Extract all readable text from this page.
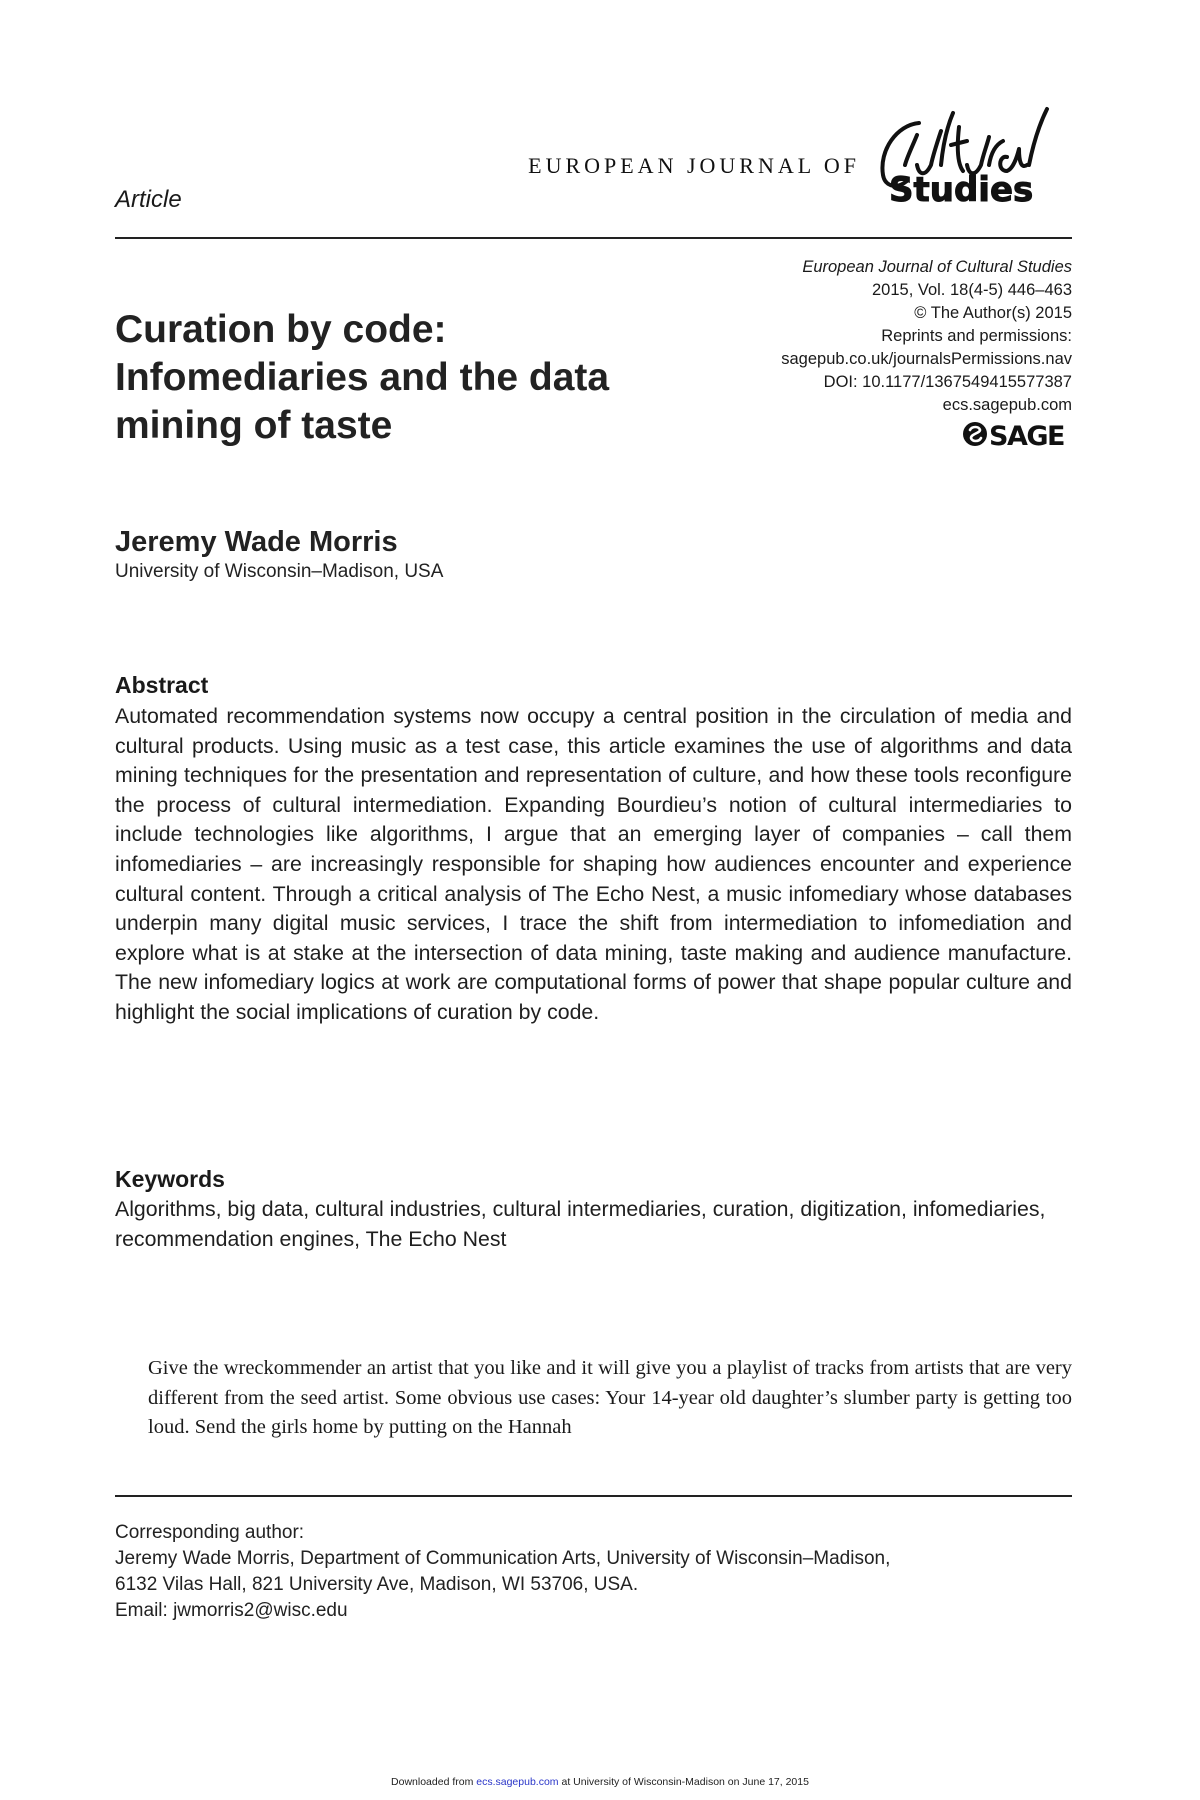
Article
EUROPEAN JOURNAL OF
Studies
Curation by code:
Infomediaries and the data
mining of taste
European Journal of Cultural Studies
2015, Vol. 18(4-5) 446–463
© The Author(s) 2015
Reprints and permissions:
sagepub.co.uk/journalsPermissions.nav
DOI: 10.1177/1367549415577387
ecs.sagepub.com
SAGE
Jeremy Wade Morris
University of Wisconsin–Madison, USA
Abstract

Automated recommendation systems now occupy a central position in the circulation of media and cultural products. Using music as a test case, this article examines the use of algorithms and data mining techniques for the presentation and representation of culture, and how these tools reconfigure the process of cultural intermediation. Expanding Bourdieu’s notion of cultural intermediaries to include technologies like algorithms, I argue that an emerging layer of companies – call them infomediaries – are increasingly responsible for shaping how audiences encounter and experience cultural content. Through a critical analysis of The Echo Nest, a music infomediary whose databases underpin many digital music services, I trace the shift from intermediation to infomediation and explore what is at stake at the intersection of data mining, taste making and audience manufacture. The new infomediary logics at work are computational forms of power that shape popular culture and highlight the social implications of curation by code.

Keywords

Algorithms, big data, cultural industries, cultural intermediaries, curation, digitization, infomediaries, recommendation engines, The Echo Nest

Give the wreckommender an artist that you like and it will give you a playlist of tracks from artists that are very different from the seed artist. Some obvious use cases: Your 14-year old daughter’s slumber party is getting too loud. Send the girls home by putting on the Hannah

Corresponding author:
Jeremy Wade Morris, Department of Communication Arts, University of Wisconsin–Madison,
6132 Vilas Hall, 821 University Ave, Madison, WI 53706, USA.
Email: jwmorris2@wisc.edu
Downloaded from ecs.sagepub.com at University of Wisconsin-Madison on June 17, 2015
